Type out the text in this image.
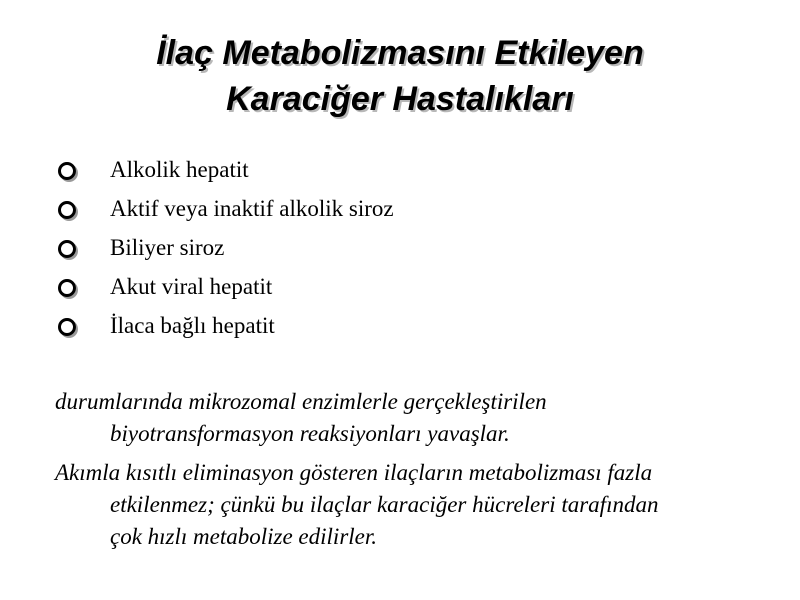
İlaç Metabolizmasını Etkileyen
Karaciğer Hastalıkları
Alkolik hepatit
Aktif veya inaktif alkolik siroz
Biliyer siroz
Akut viral hepatit
İlaca bağlı hepatit

durumlarında mikrozomal enzimlerle gerçekleştirilen
biyotransformasyon reaksiyonları yavaşlar.

Akımla kısıtlı eliminasyon gösteren ilaçların metabolizması fazla
etkilenmez; çünkü bu ilaçlar karaciğer hücreleri tarafından
çok hızlı metabolize edilirler.
